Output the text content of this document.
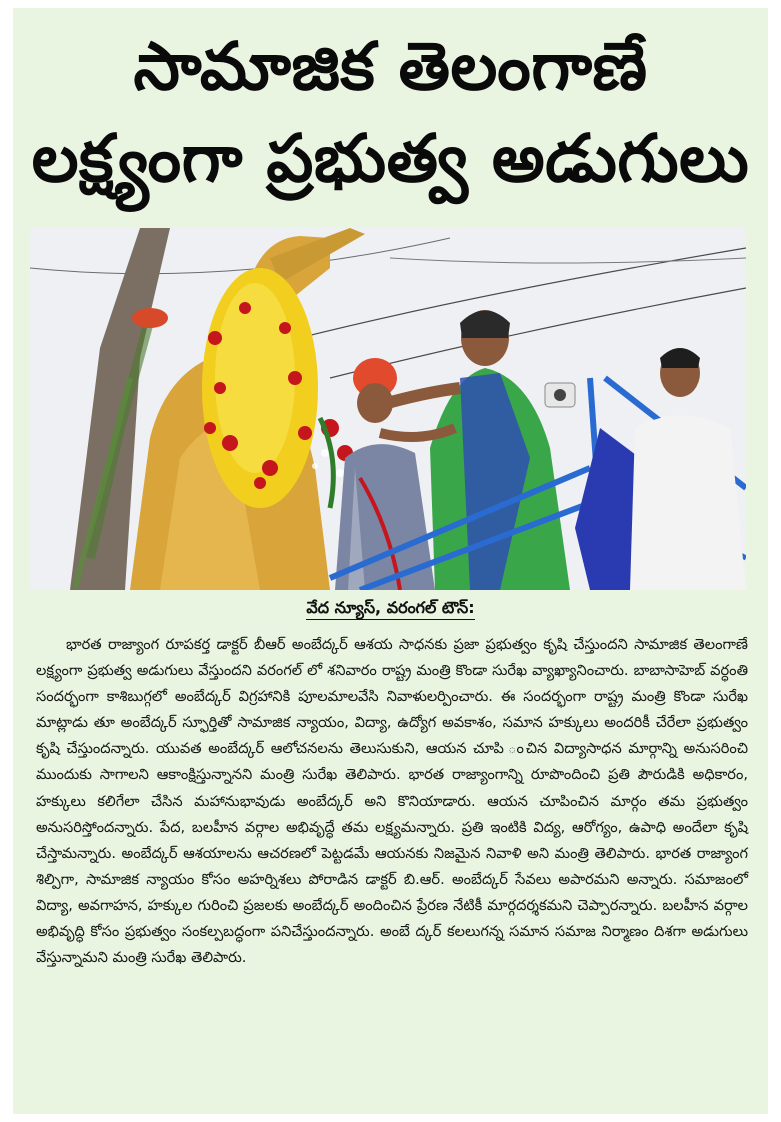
సామాజిక తెలంగాణే
లక్ష్యంగా ప్రభుత్వ అడుగులు
వేద న్యూస్, వరంగల్ టౌన్:

భారత రాజ్యాంగ రూపకర్త డాక్టర్ బీఆర్ అంబేద్కర్ ఆశయ సాధనకు ప్రజా ప్రభుత్వం కృషి చేస్తుందని సామాజిక తెలంగాణే లక్ష్యంగా ప్రభుత్వ అడుగులు వేస్తుందని వరంగల్ లో శనివారం రాష్ట్ర మంత్రి కొండా సురేఖ వ్యాఖ్యానించారు. బాబాసాహెబ్ వర్ధంతి సందర్భంగా కాశిబుగ్గలో అంబేద్కర్ విగ్రహానికి పూలమాలవేసి నివాళులర్పించారు. ఈ సందర్భంగా రాష్ట్ర మంత్రి కొండా సురేఖ మాట్లాడు తూ అంబేద్కర్ స్ఫూర్తితో సామాజిక న్యాయం, విద్యా, ఉద్యోగ అవకాశం, సమాన హక్కులు అందరికీ చేరేలా ప్రభుత్వం కృషి చేస్తుందన్నారు. యువత అంబేద్కర్ ఆలోచనలను తెలుసుకుని, ఆయన చూపి ంచిన విద్యాసాధన మార్గాన్ని అనుసరించి ముందుకు సాగాలని ఆకాంక్షిస్తున్నానని మంత్రి సురేఖ తెలిపారు. భారత రాజ్యాంగాన్ని రూపొందించి ప్రతి పౌరుడికి అధికారం, హక్కులు కలిగేలా చేసిన మహానుభావుడు అంబేద్కర్ అని కొనియాడారు. ఆయన చూపించిన మార్గం తమ ప్రభుత్వం అనుసరిస్తోందన్నారు. పేద, బలహీన వర్గాల అభివృద్ధే తమ లక్ష్యమన్నారు. ప్రతి ఇంటికి విద్య, ఆరోగ్యం, ఉపాధి అందేలా కృషి చేస్తామన్నారు. అంబేద్కర్ ఆశయాలను ఆచరణలో పెట్టడమే ఆయనకు నిజమైన నివాళి అని మంత్రి తెలిపారు. భారత రాజ్యాంగ శిల్పిగా, సామాజిక న్యాయం కోసం అహర్నిశలు పోరాడిన డాక్టర్ బి.ఆర్. అంబేద్కర్ సేవలు అపారమని అన్నారు. సమాజంలో విద్యా, అవగాహన, హక్కుల గురించి ప్రజలకు అంబేద్కర్ అందించిన ప్రేరణ నేటికీ మార్గదర్శకమని చెప్పారన్నారు. బలహీన వర్గాల అభివృద్ధి కోసం ప్రభుత్వం సంకల్పబద్ధంగా పనిచేస్తుందన్నారు. అంబే ద్కర్ కలలుగన్న సమాన సమాజ నిర్మాణం దిశగా అడుగులు వేస్తున్నామని మంత్రి సురేఖ తెలిపారు.
